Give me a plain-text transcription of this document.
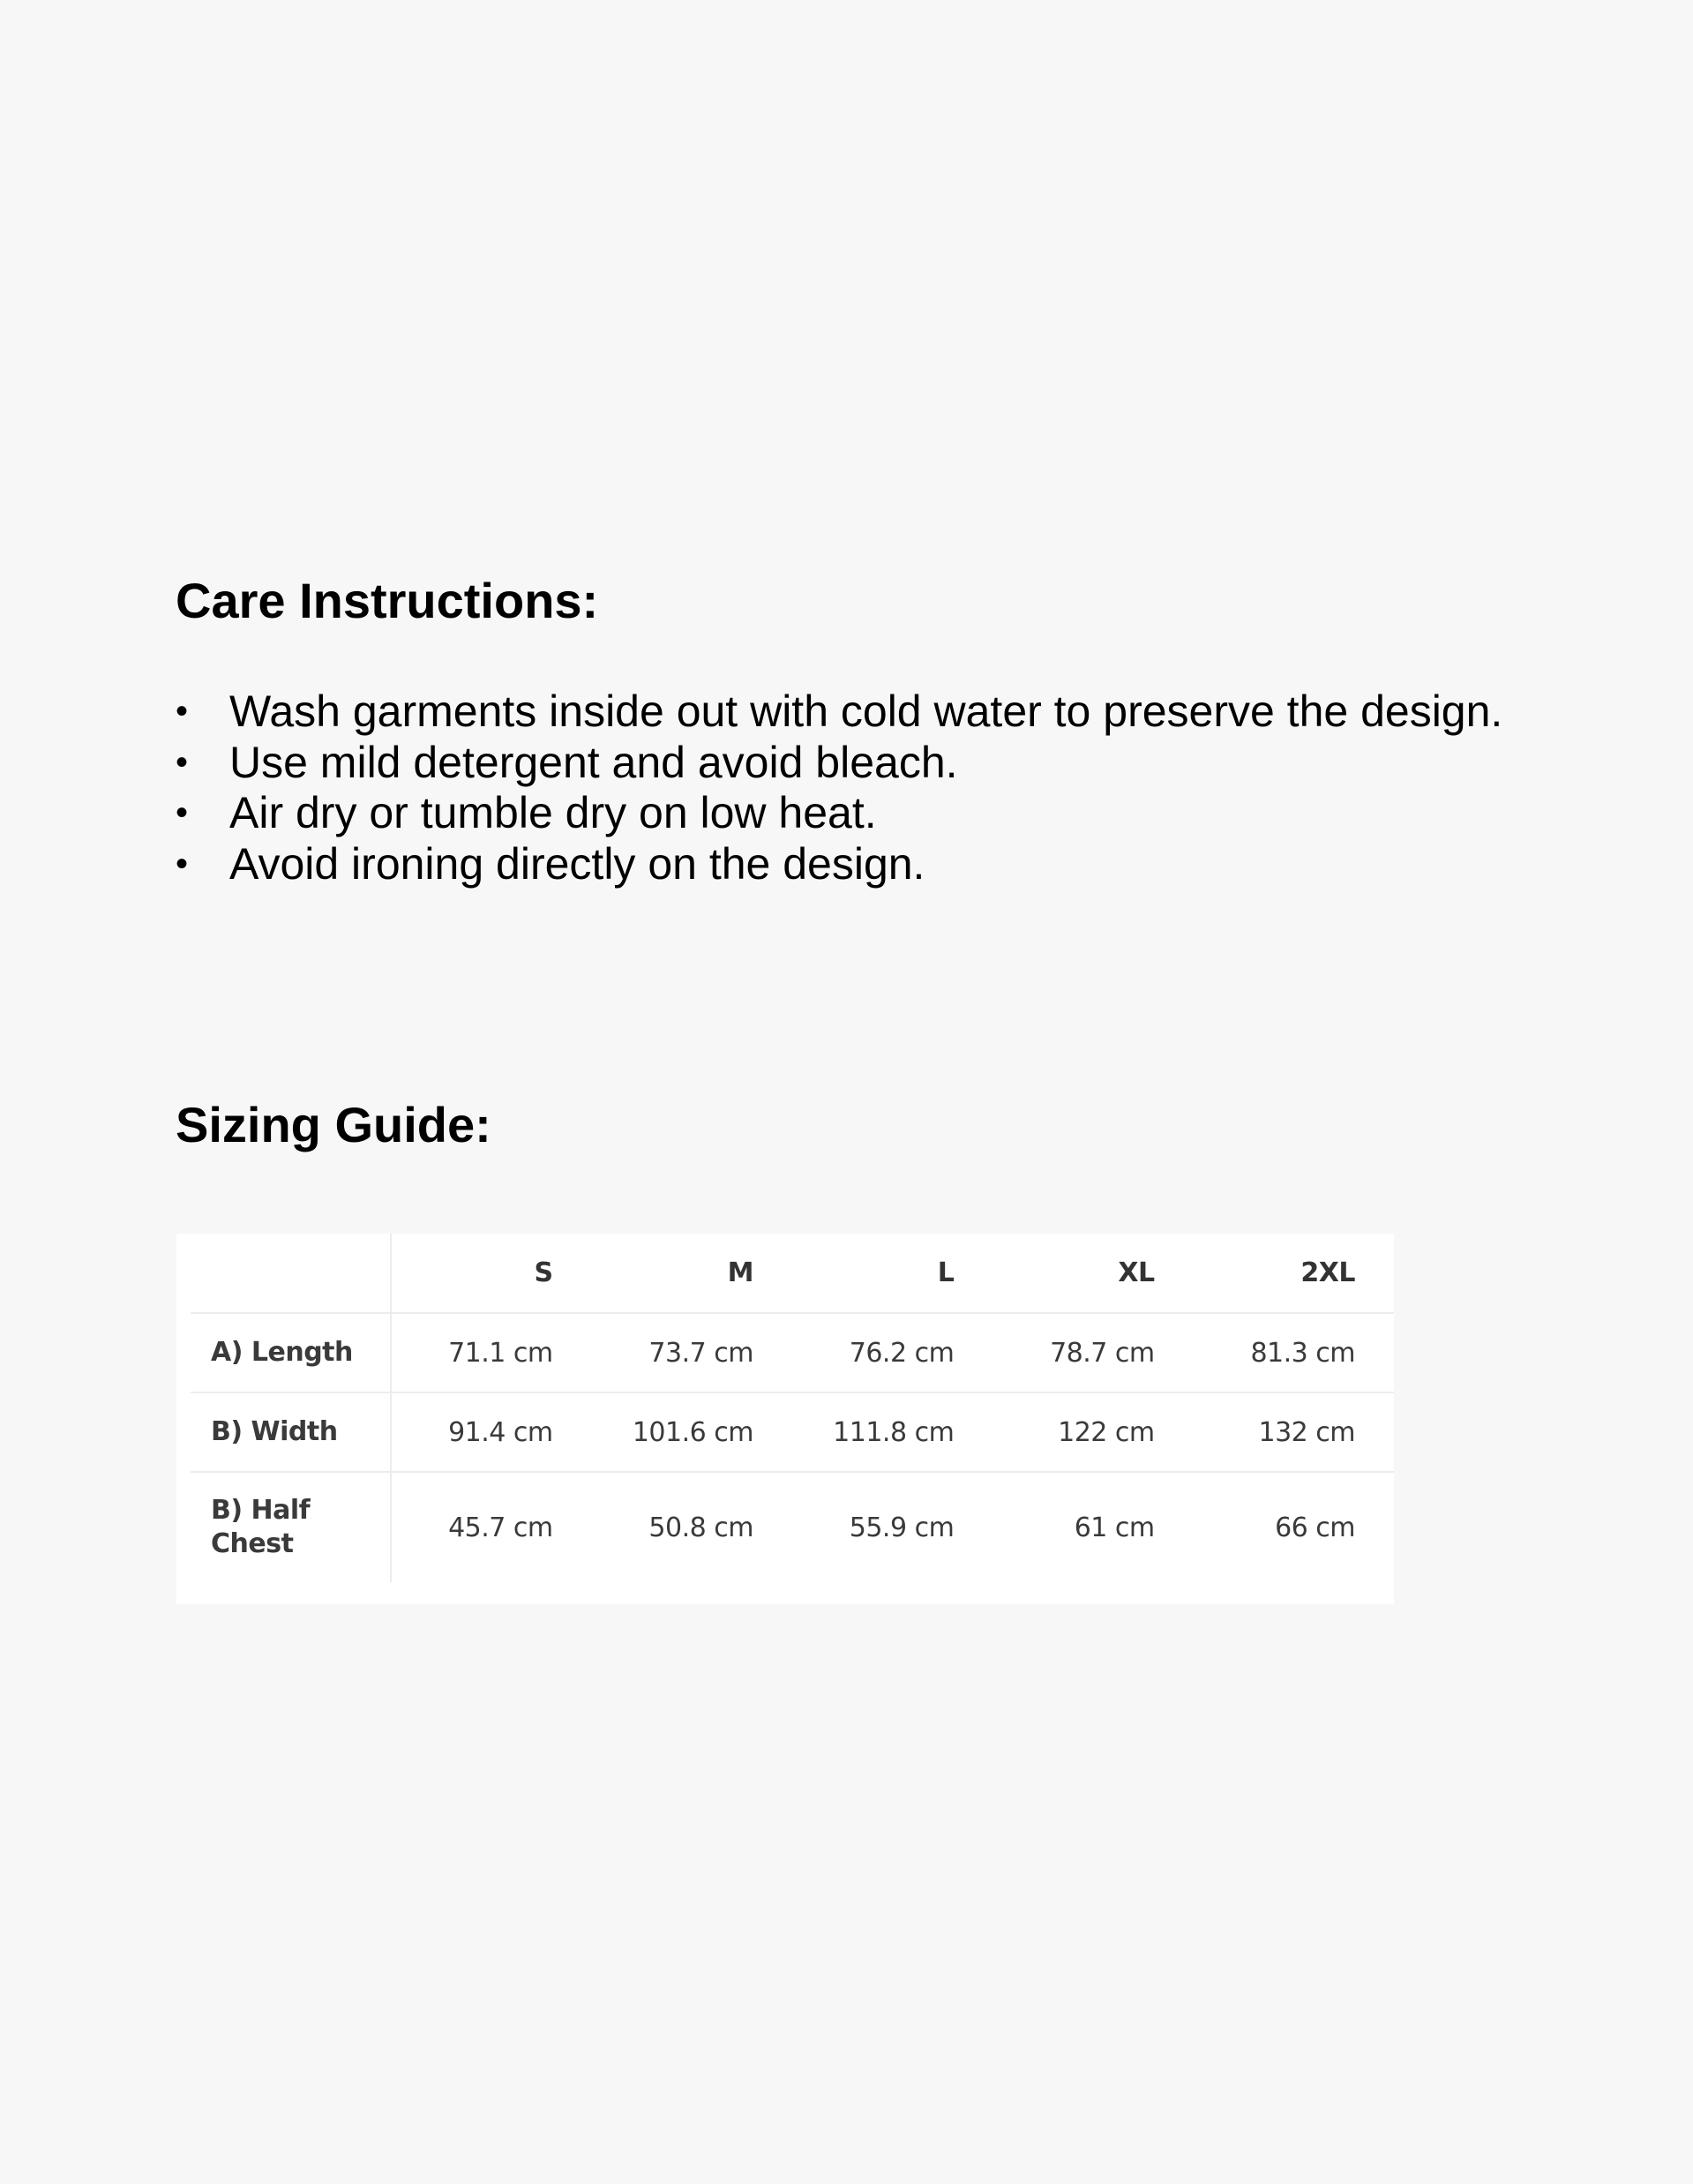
Care Instructions:
• Wash garments inside out with cold water to preserve the design.
• Use mild detergent and avoid bleach.
• Air dry or tumble dry on low heat.
• Avoid ironing directly on the design.
Sizing Guide:
	S	M	L	XL	2XL
A) Length	71.1 cm	73.7 cm	76.2 cm	78.7 cm	81.3 cm
B) Width	91.4 cm	101.6 cm	111.8 cm	122 cm	132 cm

B) Half Chest	45.7 cm	50.8 cm	55.9 cm	61 cm	66 cm
